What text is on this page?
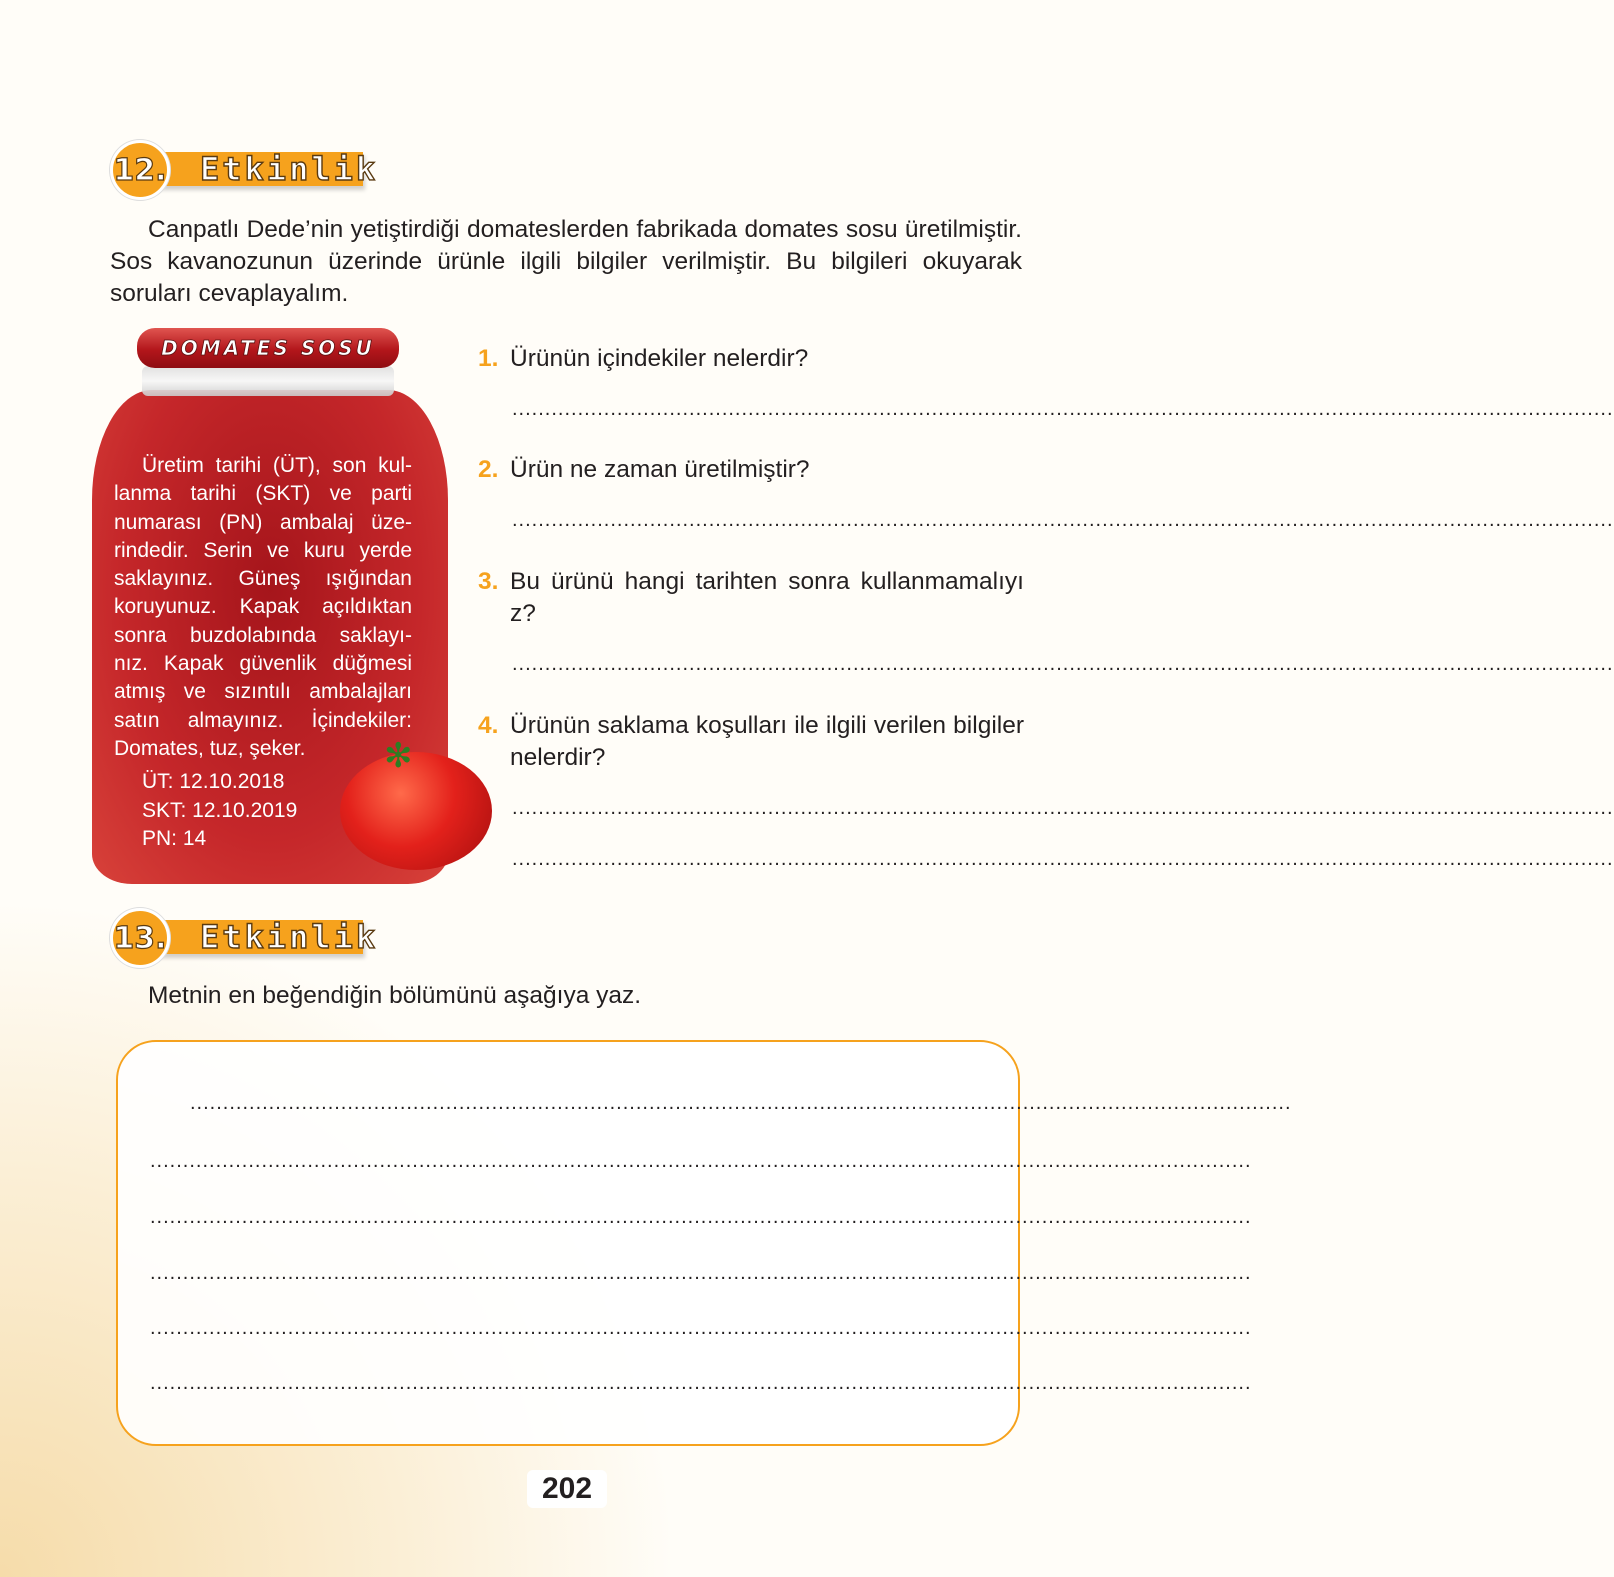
12. Etkinlik

Canpatlı Dede’nin yetiştirdiği domateslerden fabrikada domates sosu üretilmiştir. Sos kavanozunun üzerinde ürünle ilgili bilgiler verilmiştir. Bu bilgileri okuyarak soruları cevaplayalım.

DOMATES SOSU
Üretim tarihi (ÜT), son kul-
lanma tarihi (SKT) ve parti
numarası (PN) ambalaj üze-
rindedir. Serin ve kuru yerde
saklayınız. Güneş ışığından
koruyunuz. Kapak açıldıktan
sonra buzdolabında saklayı-
nız. Kapak güvenlik düğmesi
atmış ve sızıntılı ambalajları
satın almayınız. İçindekiler:
Domates, tuz, şeker.
ÜT: 12.10.2018
SKT: 12.10.2019
PN: 14
✻
1. Ürünün içindekiler nelerdir?
........................................................................................................................................................................
2. Ürün ne zaman üretilmiştir?
........................................................................................................................................................................
3. Bu ürünü hangi tarihten sonra kullanmamalıyız?
........................................................................................................................................................................
4. Ürünün saklama koşulları ile ilgili verilen bilgiler nelerdir?
........................................................................................................................................................................
........................................................................................................................................................................
13. Etkinlik

Metnin en beğendiğin bölümünü aşağıya yaz.

........................................................................................................................................................................
........................................................................................................................................................................
........................................................................................................................................................................
........................................................................................................................................................................
........................................................................................................................................................................
........................................................................................................................................................................
202
